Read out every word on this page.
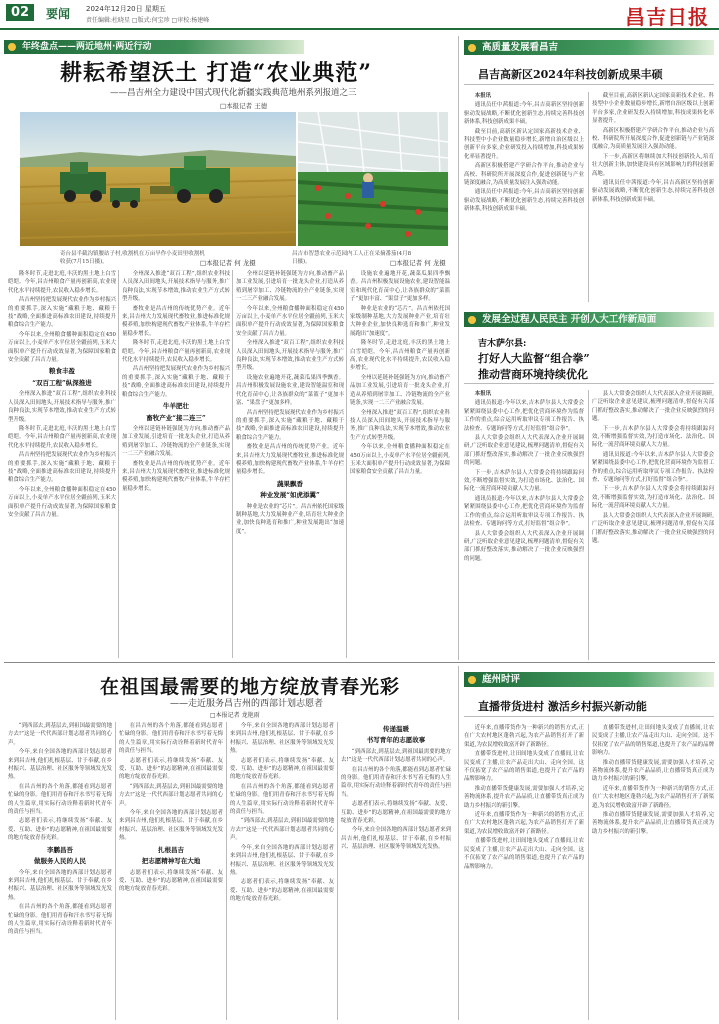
02	要闻 2024年12月20日 星期五
责任编辑:杜晓星 □版式:何宝珍 □审校:杨建峰	昌吉日报
年终盘点——两近地州·两近行动
耕耘希望沃土 打造“农业典范”
——昌吉州全力建设中国式现代化新疆实践典范地州系列报道之三
□本报记者 王德
奇台县半截沟镇腰站子村,收割机在万亩旱作小麦田里收割机收获(7月15日摄)。	□本报记者 何 龙摄
昌吉市智慧农业示范园内工人正在采摘番茄(4月8日摄)。	□本报记者 何 龙摄

隆冬时节,走进北庭,丰沃的黑土地上白雪皑皑。今年,昌吉州粮食产量再创新高,农业现代化水平持续提升,农民收入稳步增长。

昌吉州坚持把发展现代农业作为乡村振兴的重要抓手,深入实施“藏粮于地、藏粮于技”战略,全面推进高标准农田建设,持续提升粮食综合生产能力。

今年以来,全州粮食播种面积稳定在450万亩以上,小麦单产水平位居全疆前列,玉米大面积单产提升行动成效显著,为保障国家粮食安全贡献了昌吉力量。

粮食丰盈

“双百工程”纵深推进

全州深入推进“双百工程”,组织农业科技人员深入田间地头,开展技术指导与服务,推广良种良法,实现节本增效,推动农业生产方式转型升级。

隆冬时节,走进北庭,丰沃的黑土地上白雪皑皑。今年,昌吉州粮食产量再创新高,农业现代化水平持续提升,农民收入稳步增长。

昌吉州坚持把发展现代农业作为乡村振兴的重要抓手,深入实施“藏粮于地、藏粮于技”战略,全面推进高标准农田建设,持续提升粮食综合生产能力。

今年以来,全州粮食播种面积稳定在450万亩以上,小麦单产水平位居全疆前列,玉米大面积单产提升行动成效显著,为保障国家粮食安全贡献了昌吉力量。

全州深入推进“双百工程”,组织农业科技人员深入田间地头,开展技术指导与服务,推广良种良法,实现节本增效,推动农业生产方式转型升级。

畜牧业是昌吉州的传统优势产业。近年来,昌吉州大力发展现代畜牧业,推进标准化规模养殖,加快构建现代畜牧产业体系,牛羊存栏量稳步增长。

隆冬时节,走进北庭,丰沃的黑土地上白雪皑皑。今年,昌吉州粮食产量再创新高,农业现代化水平持续提升,农民收入稳步增长。

昌吉州坚持把发展现代农业作为乡村振兴的重要抓手,深入实施“藏粮于地、藏粮于技”战略,全面推进高标准农田建设,持续提升粮食综合生产能力。

牛羊肥壮

畜牧产业“接二连三”

全州以延链补链强链为方向,推动畜产品加工业发展,引进培育一批龙头企业,打造从养殖到屠宰加工、冷链物流的全产业链条,实现一二三产业融合发展。

畜牧业是昌吉州的传统优势产业。近年来,昌吉州大力发展现代畜牧业,推进标准化规模养殖,加快构建现代畜牧产业体系,牛羊存栏量稳步增长。

全州以延链补链强链为方向,推动畜产品加工业发展,引进培育一批龙头企业,打造从养殖到屠宰加工、冷链物流的全产业链条,实现一二三产业融合发展。

今年以来,全州粮食播种面积稳定在450万亩以上,小麦单产水平位居全疆前列,玉米大面积单产提升行动成效显著,为保障国家粮食安全贡献了昌吉力量。

全州深入推进“双百工程”,组织农业科技人员深入田间地头,开展技术指导与服务,推广良种良法,实现节本增效,推动农业生产方式转型升级。

设施农业遍地开花,蔬菜瓜果四季飘香。昌吉州积极发展设施农业,建设智能温室和现代化育苗中心,让各族群众的“菜篮子”更加丰富、“果盘子”更加多样。

昌吉州坚持把发展现代农业作为乡村振兴的重要抓手,深入实施“藏粮于地、藏粮于技”战略,全面推进高标准农田建设,持续提升粮食综合生产能力。

畜牧业是昌吉州的传统优势产业。近年来,昌吉州大力发展现代畜牧业,推进标准化规模养殖,加快构建现代畜牧产业体系,牛羊存栏量稳步增长。

蔬果飘香

种业发展“如虎添翼”

种业是农业的“芯片”。昌吉州依托国家级制种基地,大力发展种业产业,培育壮大种业企业,加快良种选育和推广,种业发展跑出“加速度”。

设施农业遍地开花,蔬菜瓜果四季飘香。昌吉州积极发展设施农业,建设智能温室和现代化育苗中心,让各族群众的“菜篮子”更加丰富、“果盘子”更加多样。

种业是农业的“芯片”。昌吉州依托国家级制种基地,大力发展种业产业,培育壮大种业企业,加快良种选育和推广,种业发展跑出“加速度”。

隆冬时节,走进北庭,丰沃的黑土地上白雪皑皑。今年,昌吉州粮食产量再创新高,农业现代化水平持续提升,农民收入稳步增长。

全州以延链补链强链为方向,推动畜产品加工业发展,引进培育一批龙头企业,打造从养殖到屠宰加工、冷链物流的全产业链条,实现一二三产业融合发展。

全州深入推进“双百工程”,组织农业科技人员深入田间地头,开展技术指导与服务,推广良种良法,实现节本增效,推动农业生产方式转型升级。

今年以来,全州粮食播种面积稳定在450万亩以上,小麦单产水平位居全疆前列,玉米大面积单产提升行动成效显著,为保障国家粮食安全贡献了昌吉力量。

高质量发展看昌吉
昌吉高新区2024年科技创新成果丰硕

本报讯

通讯员任中茜报道:今年,昌吉高新区坚持创新驱动发展战略,不断优化创新生态,持续完善科技创新体系,科技创新成果丰硕。

截至目前,高新区新认定国家高新技术企业、科技型中小企业数量稳步增长,新增自治区级以上创新平台多家,企业研发投入持续增加,科技成果转化率显著提升。

高新区积极搭建产学研合作平台,推动企业与高校、科研院所开展深度合作,促进创新链与产业链深度融合,为高质量发展注入强劲动能。

通讯员任中茜报道:今年,昌吉高新区坚持创新驱动发展战略,不断优化创新生态,持续完善科技创新体系,科技创新成果丰硕。

截至目前,高新区新认定国家高新技术企业、科技型中小企业数量稳步增长,新增自治区级以上创新平台多家,企业研发投入持续增加,科技成果转化率显著提升。

高新区积极搭建产学研合作平台,推动企业与高校、科研院所开展深度合作,促进创新链与产业链深度融合,为高质量发展注入强劲动能。

下一步,高新区将继续加大科技创新投入,培育壮大创新主体,加快建设具有区域影响力的科技创新高地。

通讯员任中茜报道:今年,昌吉高新区坚持创新驱动发展战略,不断优化创新生态,持续完善科技创新体系,科技创新成果丰硕。

发展全过程人民民主 开创人大工作新局面
吉木萨尔县:
打好人大监督“组合拳”
推动营商环境持续优化

本报讯

通讯员报道:今年以来,吉木萨尔县人大常委会紧紧围绕县委中心工作,把优化营商环境作为监督工作的重点,综合运用听取审议专项工作报告、执法检查、专题询问等方式,打好监督“组合拳”。

县人大常委会组织人大代表深入企业开展调研,广泛听取企业意见建议,梳理问题清单,督促有关部门抓好整改落实,推动解决了一批企业反映强烈的问题。

下一步,吉木萨尔县人大常委会将持续跟踪问效,不断增强监督实效,为打造市场化、法治化、国际化一流营商环境贡献人大力量。

通讯员报道:今年以来,吉木萨尔县人大常委会紧紧围绕县委中心工作,把优化营商环境作为监督工作的重点,综合运用听取审议专项工作报告、执法检查、专题询问等方式,打好监督“组合拳”。

县人大常委会组织人大代表深入企业开展调研,广泛听取企业意见建议,梳理问题清单,督促有关部门抓好整改落实,推动解决了一批企业反映强烈的问题。

县人大常委会组织人大代表深入企业开展调研,广泛听取企业意见建议,梳理问题清单,督促有关部门抓好整改落实,推动解决了一批企业反映强烈的问题。

下一步,吉木萨尔县人大常委会将持续跟踪问效,不断增强监督实效,为打造市场化、法治化、国际化一流营商环境贡献人大力量。

通讯员报道:今年以来,吉木萨尔县人大常委会紧紧围绕县委中心工作,把优化营商环境作为监督工作的重点,综合运用听取审议专项工作报告、执法检查、专题询问等方式,打好监督“组合拳”。

下一步,吉木萨尔县人大常委会将持续跟踪问效,不断增强监督实效,为打造市场化、法治化、国际化一流营商环境贡献人大力量。

县人大常委会组织人大代表深入企业开展调研,广泛听取企业意见建议,梳理问题清单,督促有关部门抓好整改落实,推动解决了一批企业反映强烈的问题。

在祖国最需要的地方绽放青春光彩
——走近服务昌吉州的西部计划志愿者
□本报记者 龙艳雨

“到西部去,到基层去,到祖国最需要的地方去!”这是一代代西部计划志愿者共同的心声。

今年,来自全国各地的西部计划志愿者来到昌吉州,他们扎根基层、甘于奉献,在乡村振兴、基层治理、社区服务等领域发光发热。

在昌吉州的各个角落,都能看到志愿者忙碌的身影。他们用青春和汗水书写着无悔的人生篇章,用实际行动诠释着新时代青年的责任与担当。

志愿者们表示,将继续发扬“奉献、友爱、互助、进步”的志愿精神,在祖国最需要的地方绽放青春光彩。

李鹏昌吾

做服务人民的人民

今年,来自全国各地的西部计划志愿者来到昌吉州,他们扎根基层、甘于奉献,在乡村振兴、基层治理、社区服务等领域发光发热。

在昌吉州的各个角落,都能看到志愿者忙碌的身影。他们用青春和汗水书写着无悔的人生篇章,用实际行动诠释着新时代青年的责任与担当。

在昌吉州的各个角落,都能看到志愿者忙碌的身影。他们用青春和汗水书写着无悔的人生篇章,用实际行动诠释着新时代青年的责任与担当。

志愿者们表示,将继续发扬“奉献、友爱、互助、进步”的志愿精神,在祖国最需要的地方绽放青春光彩。

“到西部去,到基层去,到祖国最需要的地方去!”这是一代代西部计划志愿者共同的心声。

今年,来自全国各地的西部计划志愿者来到昌吉州,他们扎根基层、甘于奉献,在乡村振兴、基层治理、社区服务等领域发光发热。

扎根昌吉

把志愿精神写在大地

志愿者们表示,将继续发扬“奉献、友爱、互助、进步”的志愿精神,在祖国最需要的地方绽放青春光彩。

今年,来自全国各地的西部计划志愿者来到昌吉州,他们扎根基层、甘于奉献,在乡村振兴、基层治理、社区服务等领域发光发热。

志愿者们表示,将继续发扬“奉献、友爱、互助、进步”的志愿精神,在祖国最需要的地方绽放青春光彩。

在昌吉州的各个角落,都能看到志愿者忙碌的身影。他们用青春和汗水书写着无悔的人生篇章,用实际行动诠释着新时代青年的责任与担当。

“到西部去,到基层去,到祖国最需要的地方去!”这是一代代西部计划志愿者共同的心声。

今年,来自全国各地的西部计划志愿者来到昌吉州,他们扎根基层、甘于奉献,在乡村振兴、基层治理、社区服务等领域发光发热。

志愿者们表示,将继续发扬“奉献、友爱、互助、进步”的志愿精神,在祖国最需要的地方绽放青春光彩。

传递温暖

书写青年的志愿故事

“到西部去,到基层去,到祖国最需要的地方去!”这是一代代西部计划志愿者共同的心声。

在昌吉州的各个角落,都能看到志愿者忙碌的身影。他们用青春和汗水书写着无悔的人生篇章,用实际行动诠释着新时代青年的责任与担当。

志愿者们表示,将继续发扬“奉献、友爱、互助、进步”的志愿精神,在祖国最需要的地方绽放青春光彩。

今年,来自全国各地的西部计划志愿者来到昌吉州,他们扎根基层、甘于奉献,在乡村振兴、基层治理、社区服务等领域发光发热。

庭州时评
直播带货进村 激活乡村振兴新动能

近年来,直播带货作为一种新兴的销售方式,正在广大农村地区蓬勃兴起,为农产品销售打开了新渠道,为农民增收致富开辟了新路径。

直播带货进村,让田间地头变成了直播间,让农民变成了主播,让农产品走出大山、走向全国。这不仅拓宽了农产品的销售渠道,也提升了农产品的品牌影响力。

推动直播带货健康发展,需要加强人才培养,完善物流体系,提升农产品品质,让直播带货真正成为助力乡村振兴的新引擎。

近年来,直播带货作为一种新兴的销售方式,正在广大农村地区蓬勃兴起,为农产品销售打开了新渠道,为农民增收致富开辟了新路径。

直播带货进村,让田间地头变成了直播间,让农民变成了主播,让农产品走出大山、走向全国。这不仅拓宽了农产品的销售渠道,也提升了农产品的品牌影响力。

直播带货进村,让田间地头变成了直播间,让农民变成了主播,让农产品走出大山、走向全国。这不仅拓宽了农产品的销售渠道,也提升了农产品的品牌影响力。

推动直播带货健康发展,需要加强人才培养,完善物流体系,提升农产品品质,让直播带货真正成为助力乡村振兴的新引擎。

近年来,直播带货作为一种新兴的销售方式,正在广大农村地区蓬勃兴起,为农产品销售打开了新渠道,为农民增收致富开辟了新路径。

推动直播带货健康发展,需要加强人才培养,完善物流体系,提升农产品品质,让直播带货真正成为助力乡村振兴的新引擎。
